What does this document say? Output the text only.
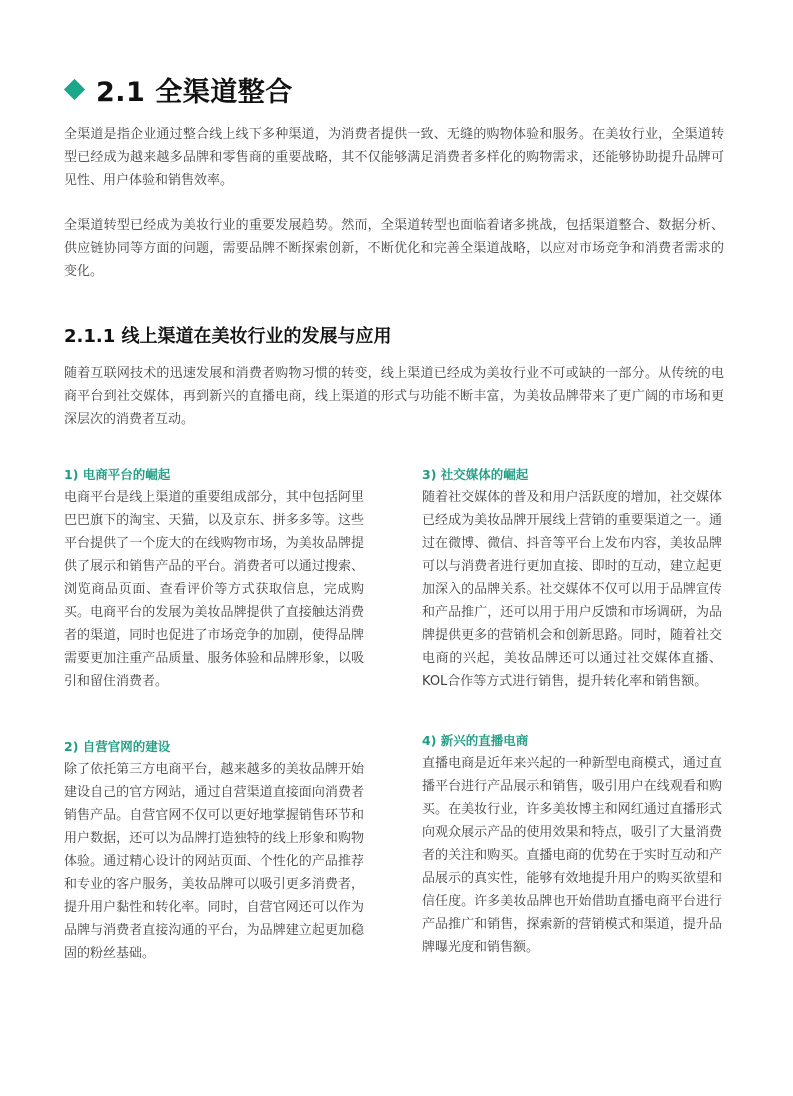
2.1 全渠道整合

全渠道是指企业通过整合线上线下多种渠道，为消费者提供一致、无缝的购物体验和服务。在美妆行业，全渠道转型已经成为越来越多品牌和零售商的重要战略，其不仅能够满足消费者多样化的购物需求，还能够协助提升品牌可见性、用户体验和销售效率。

全渠道转型已经成为美妆行业的重要发展趋势。然而，全渠道转型也面临着诸多挑战，包括渠道整合、数据分析、供应链协同等方面的问题，需要品牌不断探索创新，不断优化和完善全渠道战略，以应对市场竞争和消费者需求的变化。

2.1.1 线上渠道在美妆行业的发展与应用

随着互联网技术的迅速发展和消费者购物习惯的转变，线上渠道已经成为美妆行业不可或缺的一部分。从传统的电商平台到社交媒体，再到新兴的直播电商，线上渠道的形式与功能不断丰富，为美妆品牌带来了更广阔的市场和更深层次的消费者互动。

1) 电商平台的崛起

电商平台是线上渠道的重要组成部分，其中包括阿里巴巴旗下的淘宝、天猫，以及京东、拼多多等。这些平台提供了一个庞大的在线购物市场，为美妆品牌提供了展示和销售产品的平台。消费者可以通过搜索、浏览商品页面、查看评价等方式获取信息，完成购买。电商平台的发展为美妆品牌提供了直接触达消费者的渠道，同时也促进了市场竞争的加剧，使得品牌需要更加注重产品质量、服务体验和品牌形象，以吸引和留住消费者。

3) 社交媒体的崛起

随着社交媒体的普及和用户活跃度的增加，社交媒体已经成为美妆品牌开展线上营销的重要渠道之一。通过在微博、微信、抖音等平台上发布内容，美妆品牌可以与消费者进行更加直接、即时的互动，建立起更加深入的品牌关系。社交媒体不仅可以用于品牌宣传和产品推广，还可以用于用户反馈和市场调研，为品牌提供更多的营销机会和创新思路。同时，随着社交电商的兴起，美妆品牌还可以通过社交媒体直播、KOL合作等方式进行销售，提升转化率和销售额。

2) 自营官网的建设

除了依托第三方电商平台，越来越多的美妆品牌开始建设自己的官方网站，通过自营渠道直接面向消费者销售产品。自营官网不仅可以更好地掌握销售环节和用户数据，还可以为品牌打造独特的线上形象和购物体验。通过精心设计的网站页面、个性化的产品推荐和专业的客户服务，美妆品牌可以吸引更多消费者，提升用户黏性和转化率。同时，自营官网还可以作为品牌与消费者直接沟通的平台，为品牌建立起更加稳固的粉丝基础。

4) 新兴的直播电商

直播电商是近年来兴起的一种新型电商模式，通过直播平台进行产品展示和销售，吸引用户在线观看和购买。在美妆行业，许多美妆博主和网红通过直播形式向观众展示产品的使用效果和特点，吸引了大量消费者的关注和购买。直播电商的优势在于实时互动和产品展示的真实性，能够有效地提升用户的购买欲望和信任度。许多美妆品牌也开始借助直播电商平台进行产品推广和销售，探索新的营销模式和渠道，提升品牌曝光度和销售额。
